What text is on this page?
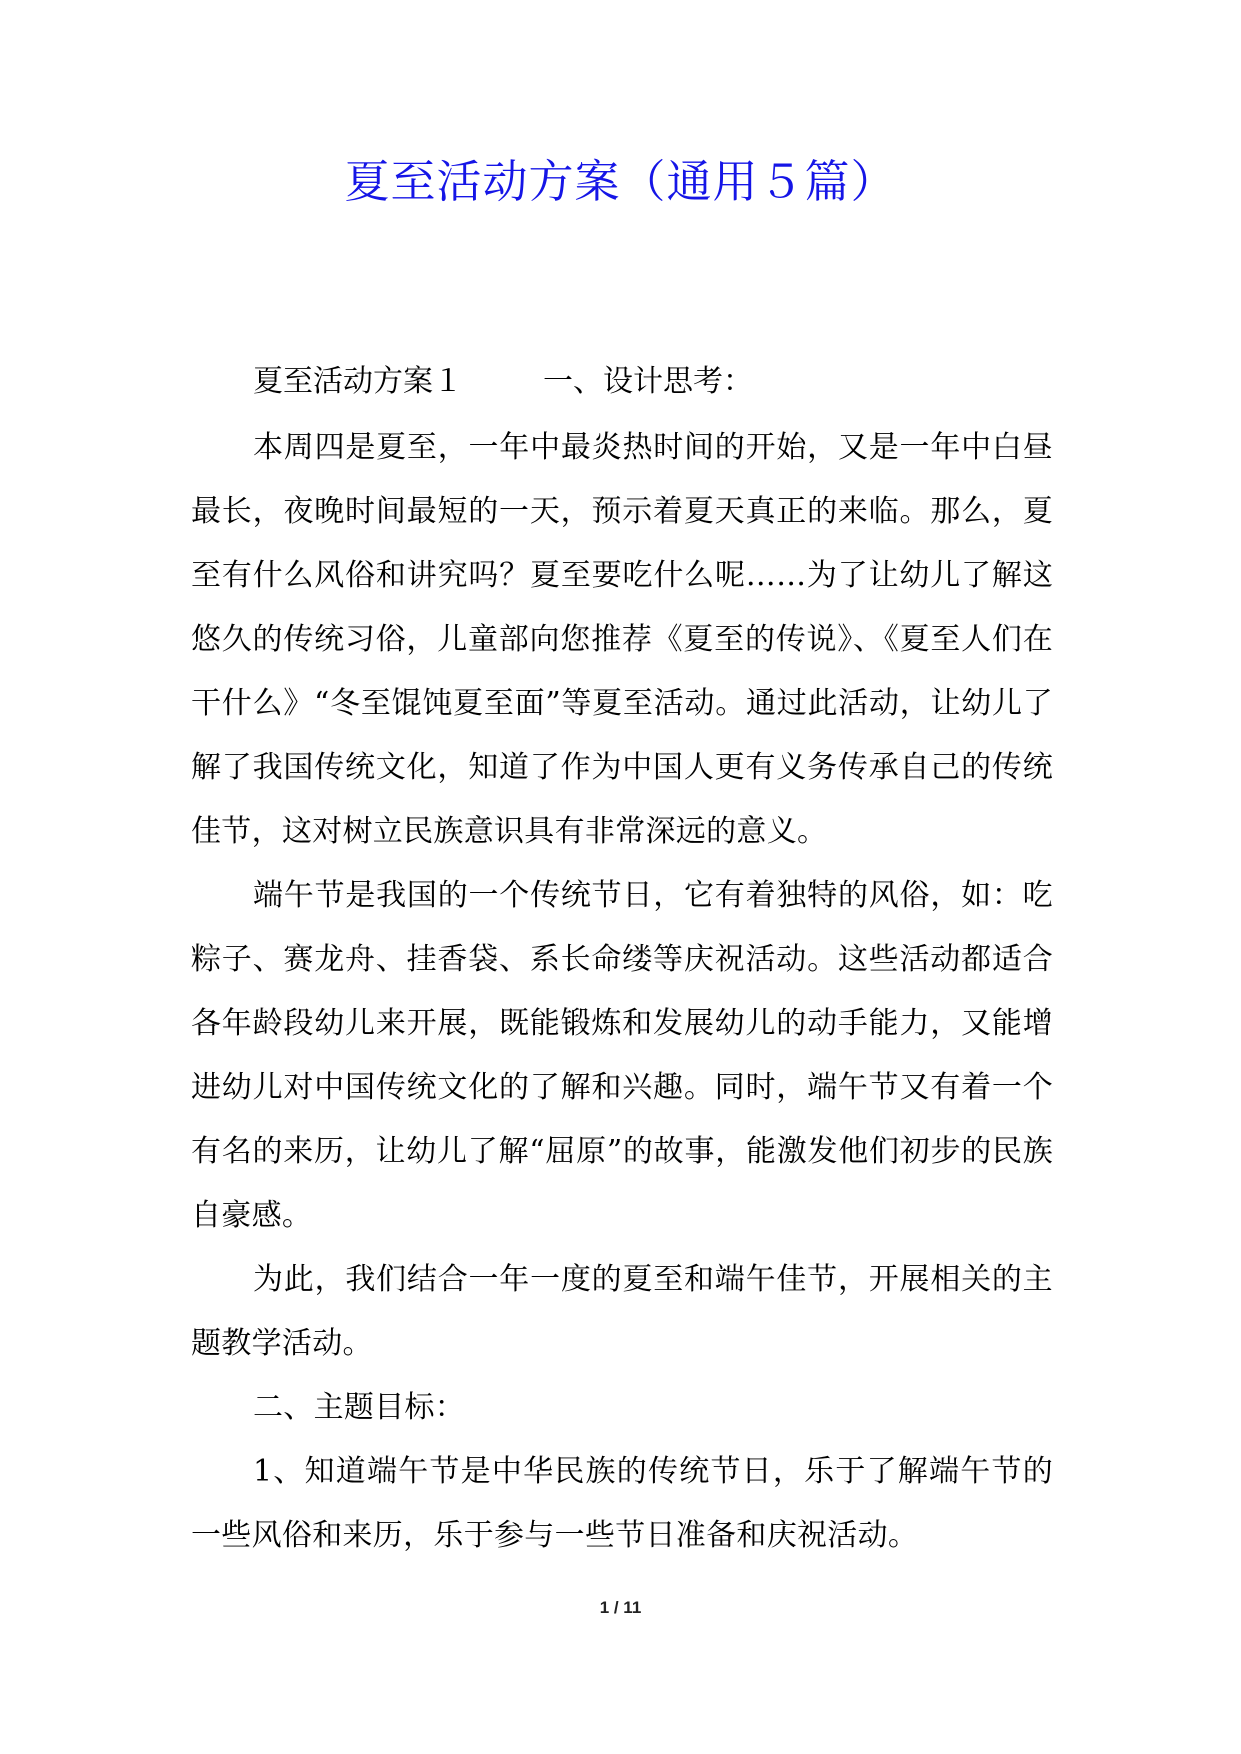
夏至活动方案（通用５篇）

夏至活动方案１	一、设计思考：

本周四是夏至，一年中最炎热时间的开始，又是一年中白昼最长，夜晚时间最短的一天，预示着夏天真正的来临。那么，夏至有什么风俗和讲究吗？夏至要吃什么呢……为了让幼儿了解这悠久的传统习俗，儿童部向您推荐《夏至的传说》、《夏至人们在干什么》“冬至馄饨夏至面”等夏至活动。通过此活动，让幼儿了解了我国传统文化，知道了作为中国人更有义务传承自己的传统佳节，这对树立民族意识具有非常深远的意义。

端午节是我国的一个传统节日，它有着独特的风俗，如：吃粽子、赛龙舟、挂香袋、系长命缕等庆祝活动。这些活动都适合各年龄段幼儿来开展，既能锻炼和发展幼儿的动手能力，又能增进幼儿对中国传统文化的了解和兴趣。同时，端午节又有着一个有名的来历，让幼儿了解“屈原”的故事，能激发他们初步的民族自豪感。

为此，我们结合一年一度的夏至和端午佳节，开展相关的主题教学活动。

二、主题目标：

1、知道端午节是中华民族的传统节日，乐于了解端午节的一些风俗和来历，乐于参与一些节日准备和庆祝活动。

1 / 11
